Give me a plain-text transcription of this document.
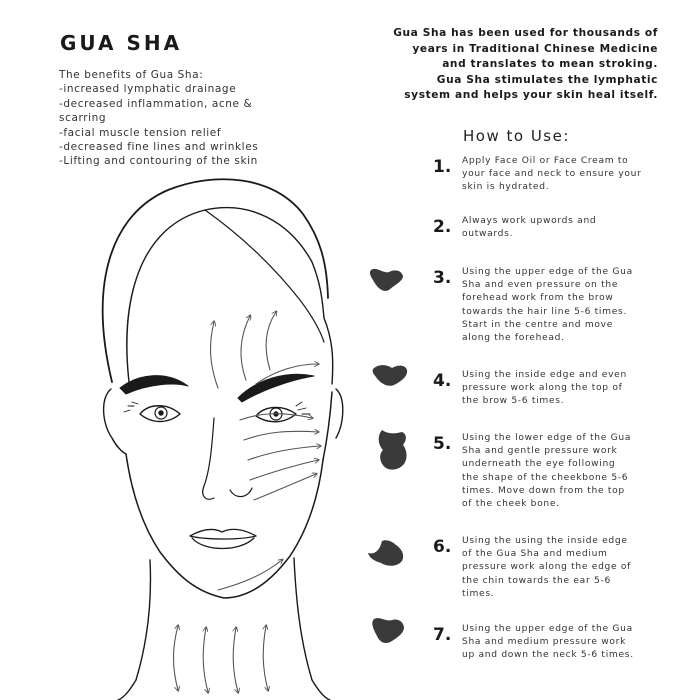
GUA SHA
The benefits of Gua Sha:
-increased lymphatic drainage
-decreased inflammation, acne &
scarring
-facial muscle tension relief
-decreased fine lines and wrinkles
-Lifting and contouring of the skin
Gua Sha has been used for thousands of
years in Traditional Chinese Medicine
and translates to mean stroking.
Gua Sha stimulates the lymphatic
system and helps your skin heal itself.
How to Use:
1. Apply Face Oil or Face Cream to
your face and neck to ensure your
skin is hydrated.
2. Always work upwords and
outwards.
3. Using the upper edge of the Gua
Sha and even pressure on the
forehead work from the brow
towards the hair line 5-6 times.
Start in the centre and move
along the forehead.
4. Using the inside edge and even
pressure work along the top of
the brow 5-6 times.
5. Using the lower edge of the Gua
Sha and gentle pressure work
underneath the eye following
the shape of the cheekbone 5-6
times. Move down from the top
of the cheek bone.
6. Using the using the inside edge
of the Gua Sha and medium
pressure work along the edge of
the chin towards the ear 5-6
times.
7. Using the upper edge of the Gua
Sha and medium pressure work
up and down the neck 5-6 times.
